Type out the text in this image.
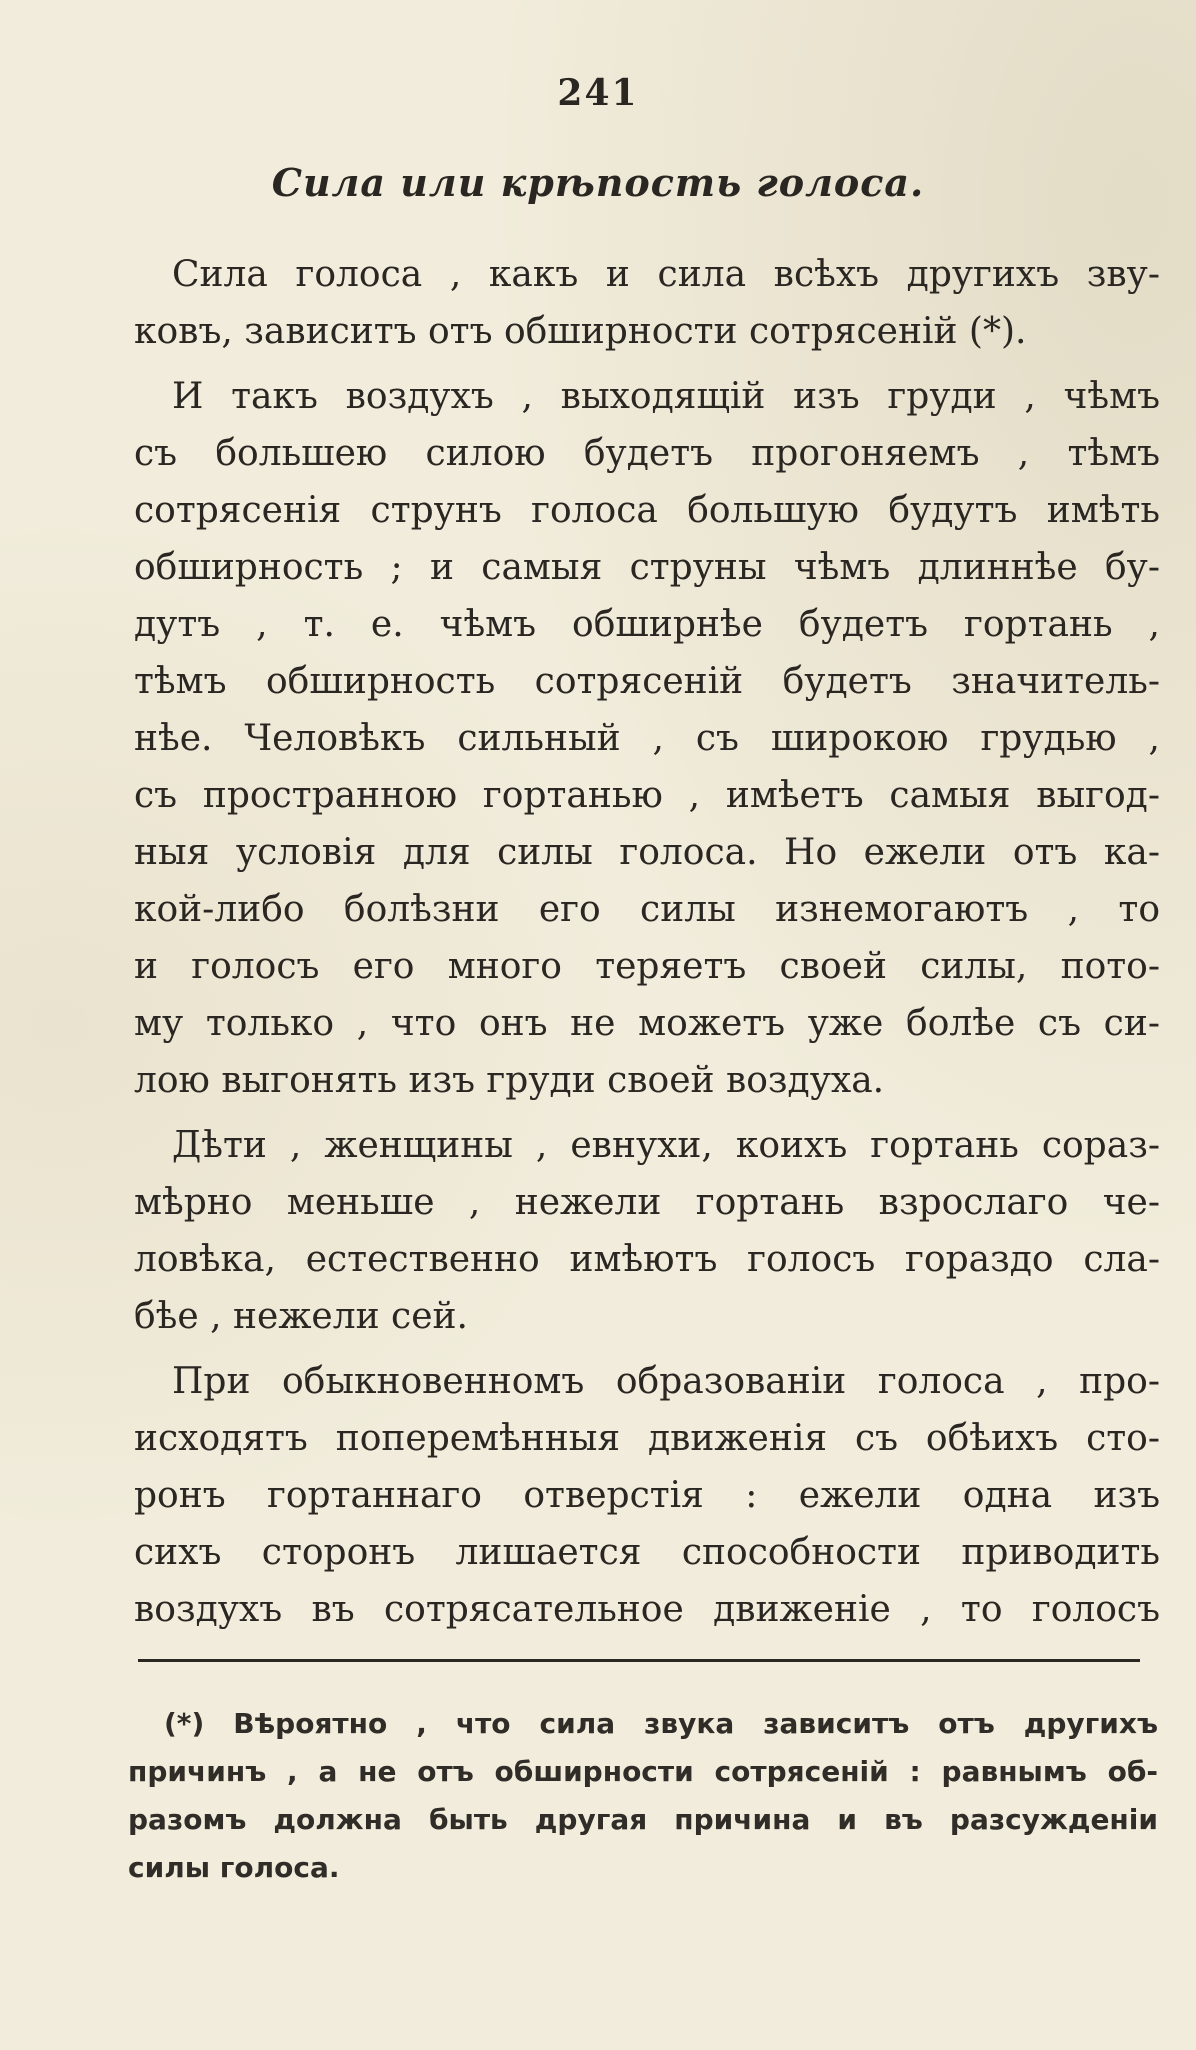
241
Сила или крѣпость голоса.

Сила голоса , какъ и сила всѣхъ другихъ зву-
ковъ, зависитъ отъ обширности сотрясеній (*).

И такъ воздухъ , выходящій изъ груди , чѣмъ
съ большею силою будетъ прогоняемъ , тѣмъ
сотрясенія струнъ голоса большую будутъ имѣть
обширность ; и самыя струны чѣмъ длиннѣе бу-
дутъ , т. е. чѣмъ обширнѣе будетъ гортань ,
тѣмъ обширность сотрясеній будетъ значитель-
нѣе. Человѣкъ сильный , съ широкою грудью ,
съ пространною гортанью , имѣетъ самыя выгод-
ныя условія для силы голоса. Но ежели отъ ка-
кой-либо болѣзни его силы изнемогаютъ , то
и голосъ его много теряетъ своей силы, пото-
му только , что онъ не можетъ уже болѣе съ си-
лою выгонять изъ груди своей воздуха.

Дѣти , женщины , евнухи, коихъ гортань сораз-
мѣрно меньше , нежели гортань взрослаго че-
ловѣка, естественно имѣютъ голосъ гораздо сла-
бѣе , нежели сей.

При обыкновенномъ образованіи голоса , про-
исходятъ поперемѣнныя движенія съ обѣихъ сто-
ронъ гортаннаго отверстія : ежели одна изъ
сихъ сторонъ лишается способности приводить
воздухъ въ сотрясательное движеніе , то голосъ

(*) Вѣроятно , что сила звука зависитъ отъ другихъ
причинъ , а не отъ обширности сотрясеній : равнымъ об-
разомъ должна быть другая причина и въ разсужденіи
силы голоса.
